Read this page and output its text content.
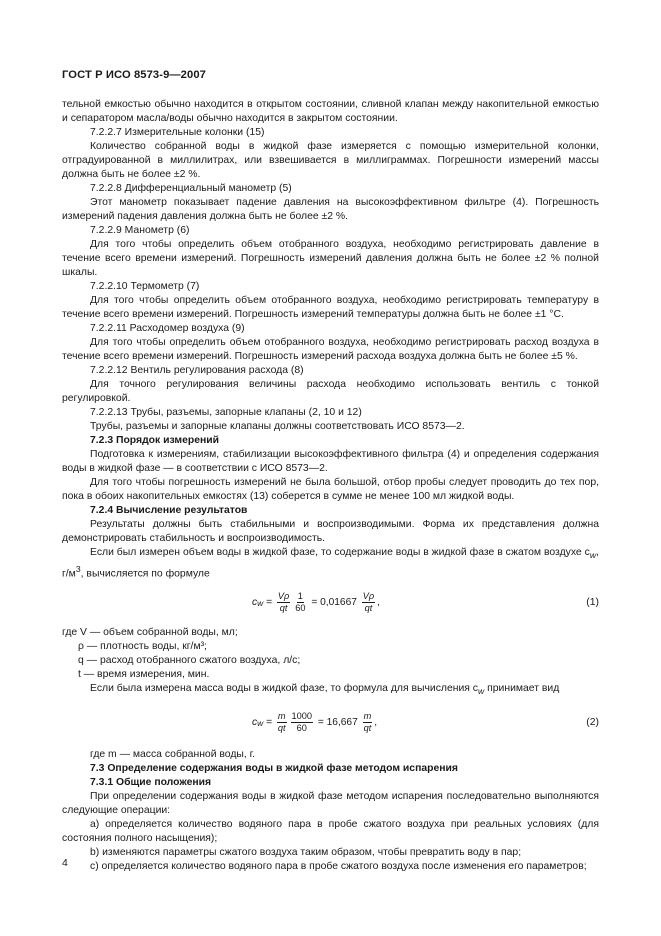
ГОСТ Р ИСО 8573-9—2007

тельной емкостью обычно находится в открытом состоянии, сливной клапан между накопительной емкостью и сепаратором масла/воды обычно находится в закрытом состоянии.

7.2.2.7 Измерительные колонки (15)

Количество собранной воды в жидкой фазе измеряется с помощью измерительной колонки, отградуированной в миллилитрах, или взвешивается в миллиграммах. Погрешности измерений массы должна быть не более ±2 %.

7.2.2.8 Дифференциальный манометр (5)

Этот манометр показывает падение давления на высокоэффективном фильтре (4). Погрешность измерений падения давления должна быть не более ±2 %.

7.2.2.9 Манометр (6)

Для того чтобы определить объем отобранного воздуха, необходимо регистрировать давление в течение всего времени измерений. Погрешность измерений давления должна быть не более ±2 % полной шкалы.

7.2.2.10 Термометр (7)

Для того чтобы определить объем отобранного воздуха, необходимо регистрировать температуру в течение всего времени измерений. Погрешность измерений температуры должна быть не более ±1 °С.

7.2.2.11 Расходомер воздуха (9)

Для того чтобы определить объем отобранного воздуха, необходимо регистрировать расход воздуха в течение всего времени измерений. Погрешность измерений расхода воздуха должна быть не более ±5 %.

7.2.2.12 Вентиль регулирования расхода (8)

Для точного регулирования величины расхода необходимо использовать вентиль с тонкой регулировкой.

7.2.2.13 Трубы, разъемы, запорные клапаны (2, 10 и 12)

Трубы, разъемы и запорные клапаны должны соответствовать ИСО 8573—2.

7.2.3 Порядок измерений

Подготовка к измерениям, стабилизации высокоэффективного фильтра (4) и определения содержания воды в жидкой фазе — в соответствии с ИСО 8573—2.

Для того чтобы погрешность измерений не была большой, отбор пробы следует проводить до тех пор, пока в обоих накопительных емкостях (13) соберется в сумме не менее 100 мл жидкой воды.

7.2.4 Вычисление результатов

Результаты должны быть стабильными и воспроизводимыми. Форма их представления должна демонстрировать стабильность и воспроизводимость.

Если был измерен объем воды в жидкой фазе, то содержание воды в жидкой фазе в сжатом воздухе $c_w$, $г/м^3$, вычисляется по формуле

c $w = \frac{V\rho}{qt} \frac{1}{60}$
= 0,01667
$\frac{V\rho}{qt}$ ,	(1)

где V — объем собранной воды, мл;

ρ — плотность воды, кг/м³;

q — расход отобранного сжатого воздуха, л/с;

t — время измерения, мин.

Если была измерена масса воды в жидкой фазе, то формула для вычисления $c_w$ принимает вид

c $w = \frac{m}{qt} \frac{1000}{60}$
= 16,667
$\frac{m}{qt}$ ,	(2)

где m — масса собранной воды, г.

7.3 Определение содержания воды в жидкой фазе методом испарения

7.3.1 Общие положения

При определении содержания воды в жидкой фазе методом испарения последовательно выполняются следующие операции:

a) определяется количество водяного пара в пробе сжатого воздуха при реальных условиях (для состояния полного насыщения);

b) изменяются параметры сжатого воздуха таким образом, чтобы превратить воду в пар;

c) определяется количество водяного пара в пробе сжатого воздуха после изменения его параметров;

4
